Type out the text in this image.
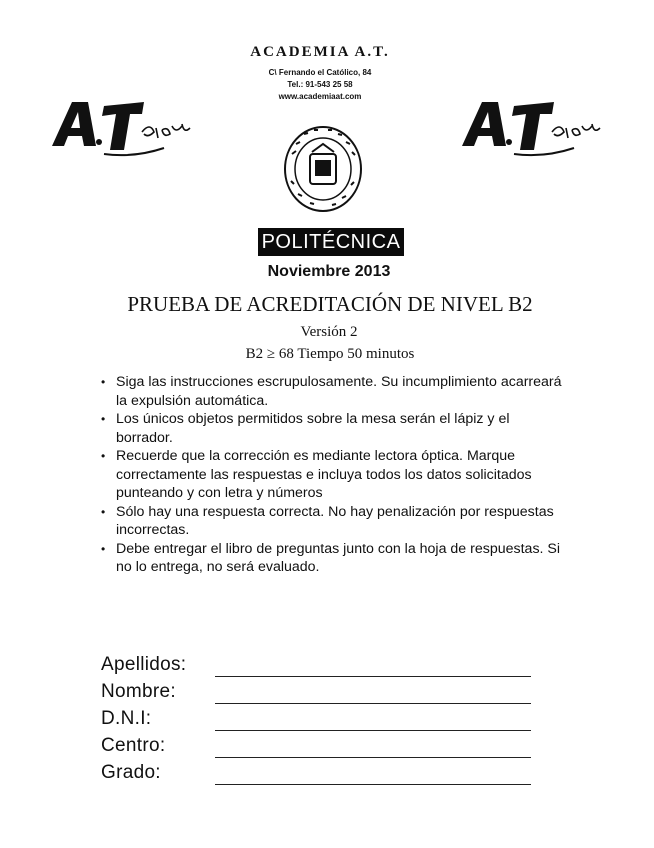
ACADEMIA A.T.
C\ Fernando el Católico, 84
Tel.: 91-543 25 58
www.academiaat.com
POLITÉCNICA
Noviembre 2013
PRUEBA DE ACREDITACIÓN DE NIVEL B2
Versión 2
B2 ≥ 68 Tiempo 50 minutos
• Siga las instrucciones escrupulosamente. Su incumplimiento acarreará la expulsión automática.
• Los únicos objetos permitidos sobre la mesa serán el lápiz y el borrador.
• Recuerde que la corrección es mediante lectora óptica. Marque correctamente las respuestas e incluya todos los datos solicitados punteando y con letra y números
• Sólo hay una respuesta correcta. No hay penalización por respuestas incorrectas.
• Debe entregar el libro de preguntas junto con la hoja de respuestas. Si no lo entrega, no será evaluado.
Apellidos:
Nombre:
D.N.I:
Centro:
Grado:
